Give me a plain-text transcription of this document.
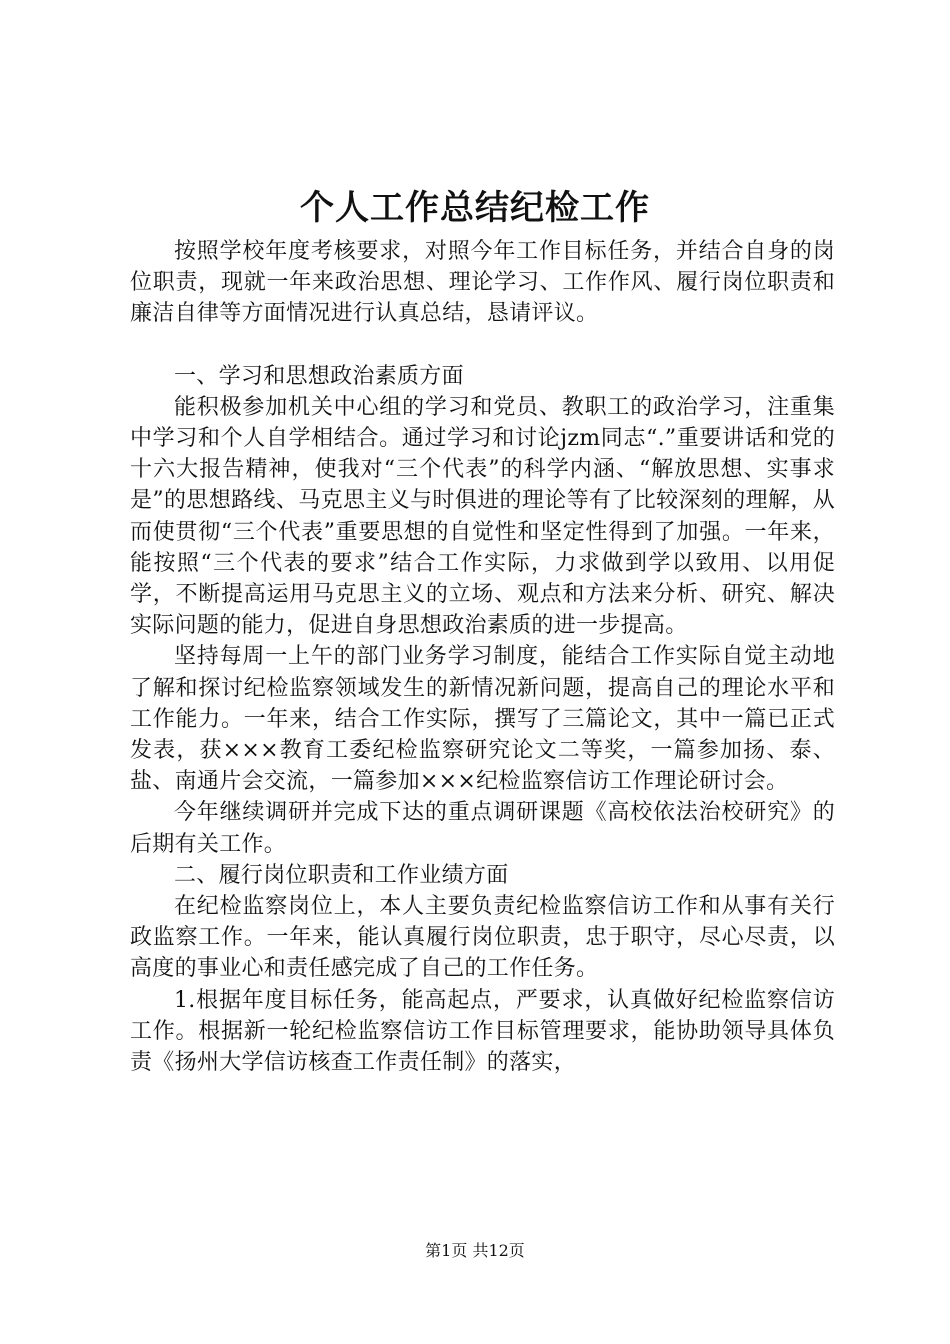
个人工作总结纪检工作

按照学校年度考核要求，对照今年工作目标任务，并结合自身的岗位职责，现就一年来政治思想、理论学习、工作作风、履行岗位职责和廉洁自律等方面情况进行认真总结，恳请评议。

一、学习和思想政治素质方面

能积极参加机关中心组的学习和党员、教职工的政治学习，注重集中学习和个人自学相结合。通过学习和讨论jzm同志“.”重要讲话和党的十六大报告精神，使我对“三个代表”的科学内涵、“解放思想、实事求是”的思想路线、马克思主义与时俱进的理论等有了比较深刻的理解，从而使贯彻“三个代表”重要思想的自觉性和坚定性得到了加强。一年来，能按照“三个代表的要求”结合工作实际，力求做到学以致用、以用促学，不断提高运用马克思主义的立场、观点和方法来分析、研究、解决实际问题的能力，促进自身思想政治素质的进一步提高。

坚持每周一上午的部门业务学习制度，能结合工作实际自觉主动地了解和探讨纪检监察领域发生的新情况新问题，提高自己的理论水平和工作能力。一年来，结合工作实际，撰写了三篇论文，其中一篇已正式发表，获×××教育工委纪检监察研究论文二等奖，一篇参加扬、泰、盐、南通片会交流，一篇参加×××纪检监察信访工作理论研讨会。

今年继续调研并完成下达的重点调研课题《高校依法治校研究》的后期有关工作。

二、履行岗位职责和工作业绩方面

在纪检监察岗位上，本人主要负责纪检监察信访工作和从事有关行政监察工作。一年来，能认真履行岗位职责，忠于职守，尽心尽责，以高度的事业心和责任感完成了自己的工作任务。

1.根据年度目标任务，能高起点，严要求，认真做好纪检监察信访工作。根据新一轮纪检监察信访工作目标管理要求，能协助领导具体负责《扬州大学信访核查工作责任制》的落实，

第1页 共12页
